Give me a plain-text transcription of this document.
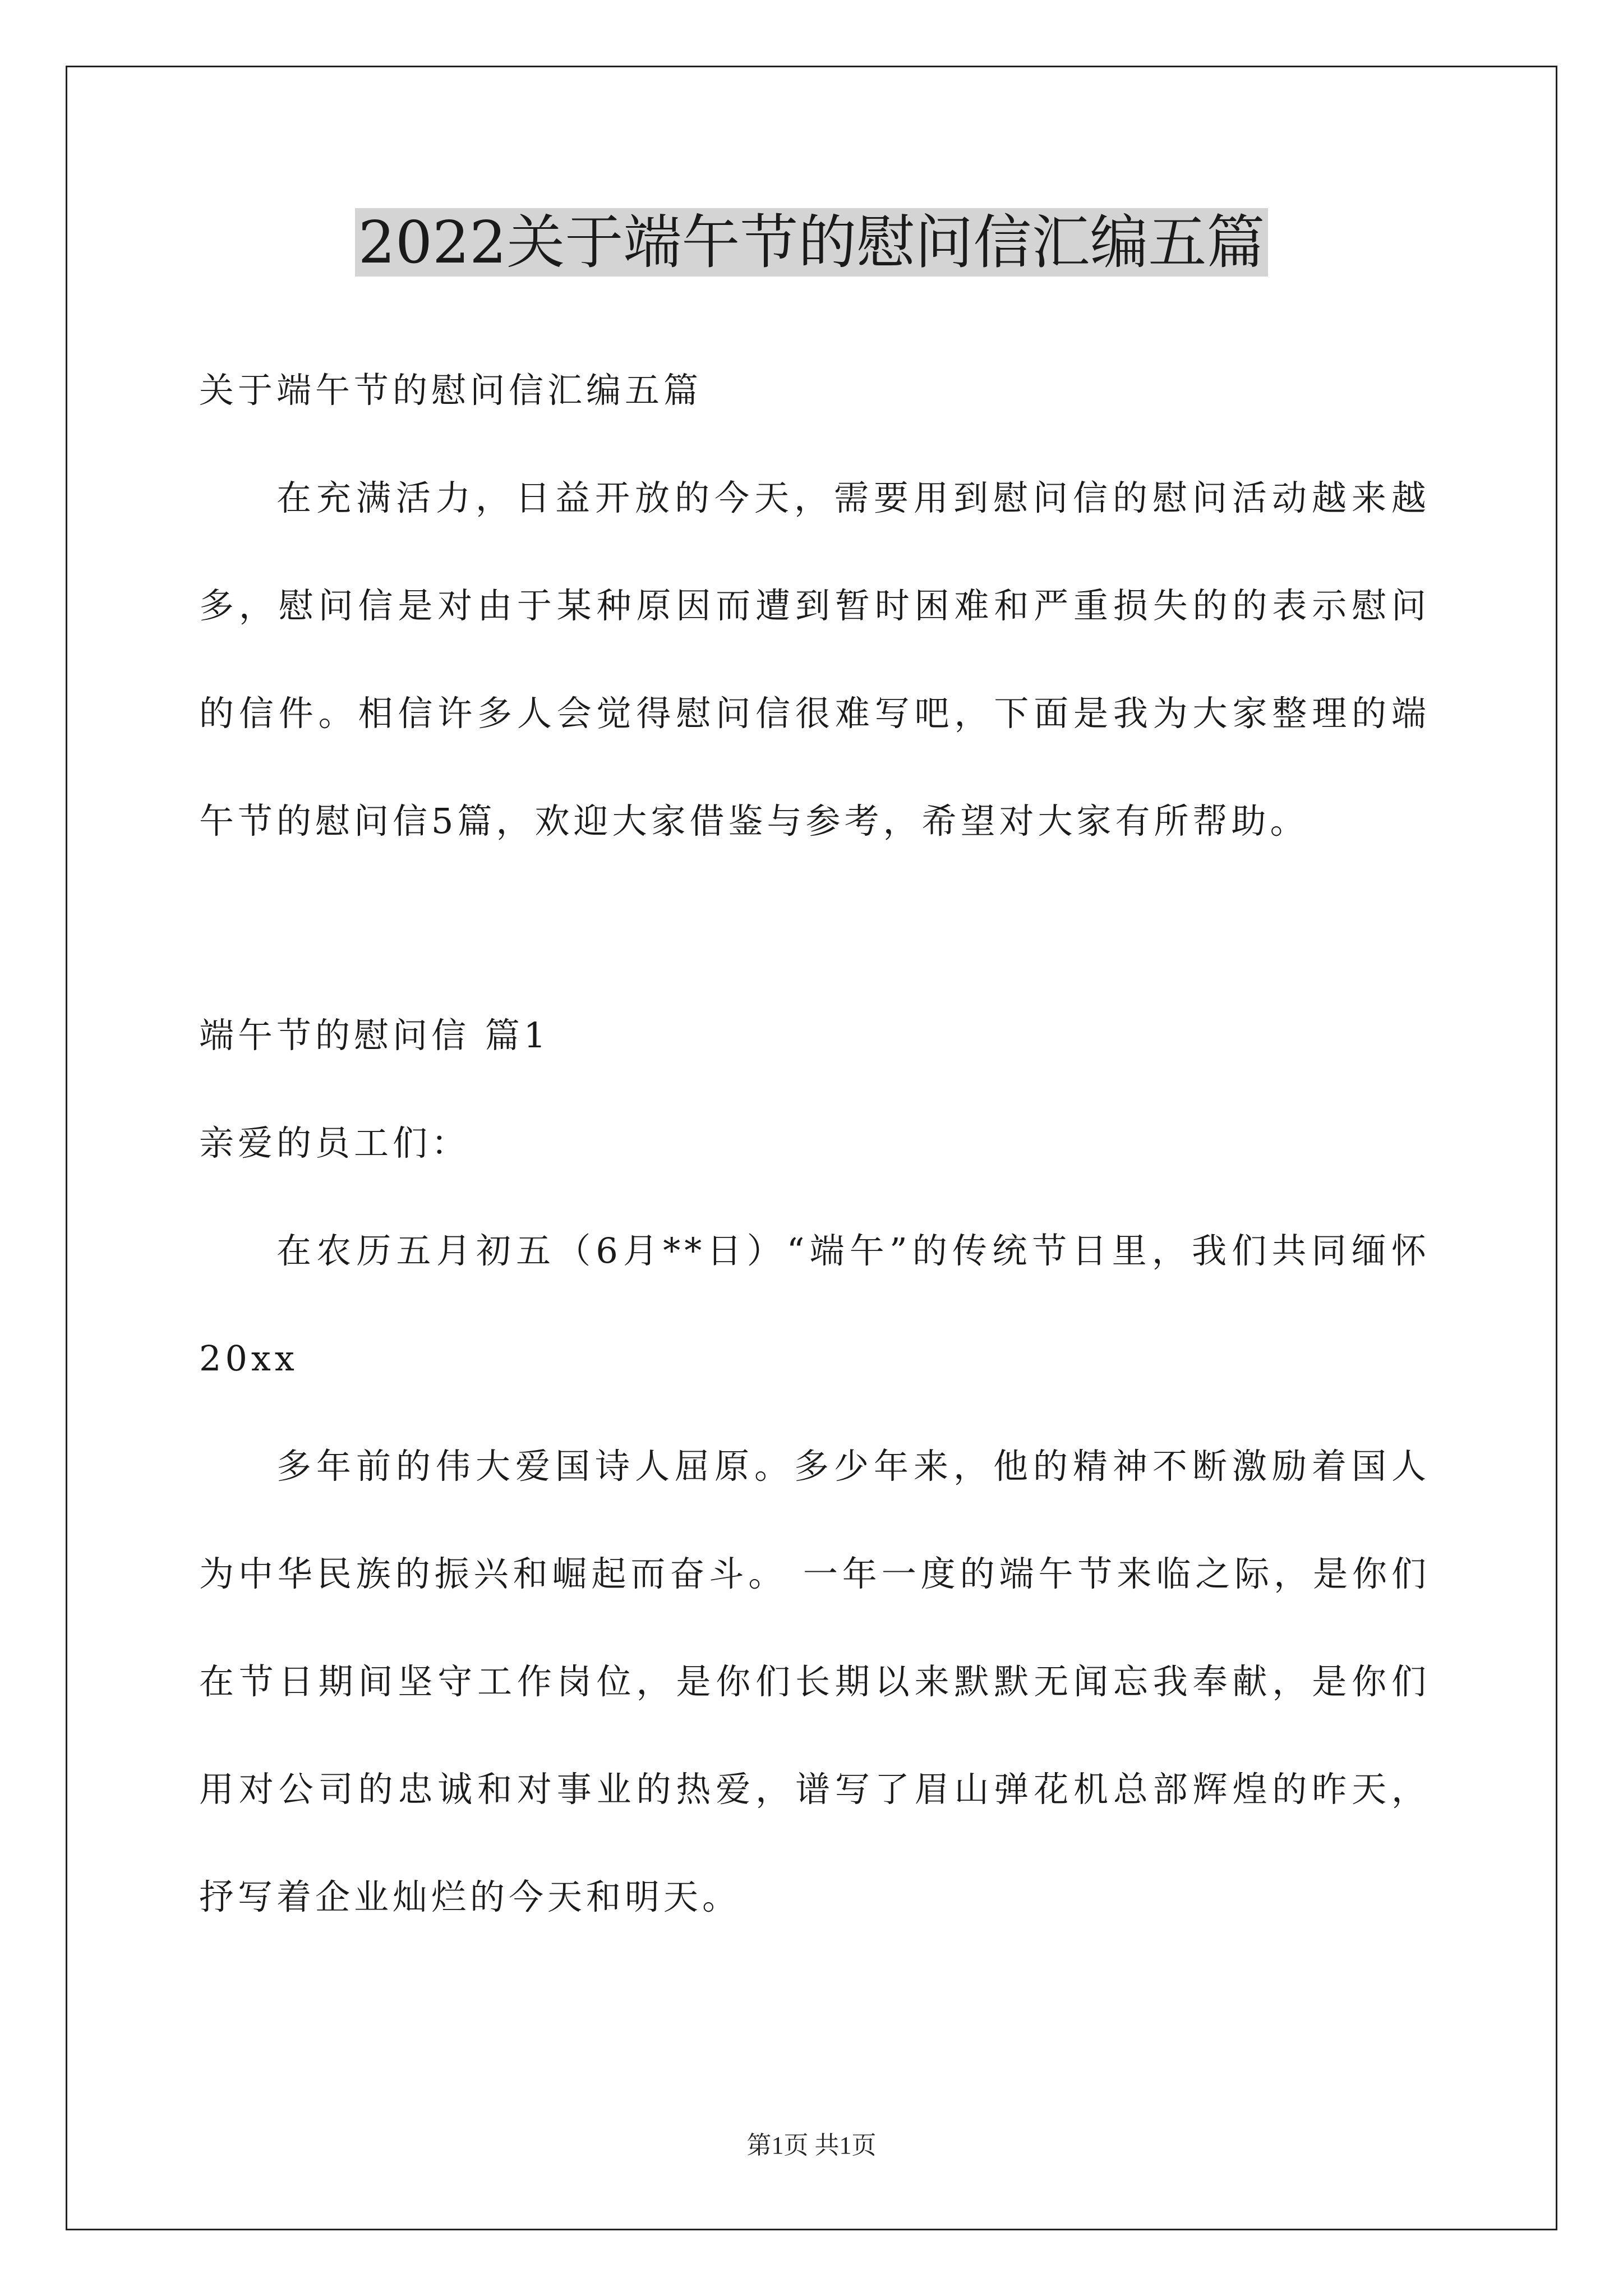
2022关于端午节的慰问信汇编五篇

关于端午节的慰问信汇编五篇

在充满活力，日益开放的今天，需要用到慰问信的慰问活动越来越多，慰问信是对由于某种原因而遭到暂时困难和严重损失的的表示慰问的信件。相信许多人会觉得慰问信很难写吧，下面是我为大家整理的端午节的慰问信5篇，欢迎大家借鉴与参考，希望对大家有所帮助。

端午节的慰问信 篇1

亲爱的员工们：

在农历五月初五（6月**日）“端午”的传统节日里，我们共同缅怀20xx

多年前的伟大爱国诗人屈原。多少年来，他的精神不断激励着国人为中华民族的振兴和崛起而奋斗。 一年一度的端午节来临之际，是你们在节日期间坚守工作岗位，是你们长期以来默默无闻忘我奉献，是你们用对公司的忠诚和对事业的热爱，谱写了眉山弹花机总部辉煌的昨天，抒写着企业灿烂的今天和明天。

第1页 共1页
